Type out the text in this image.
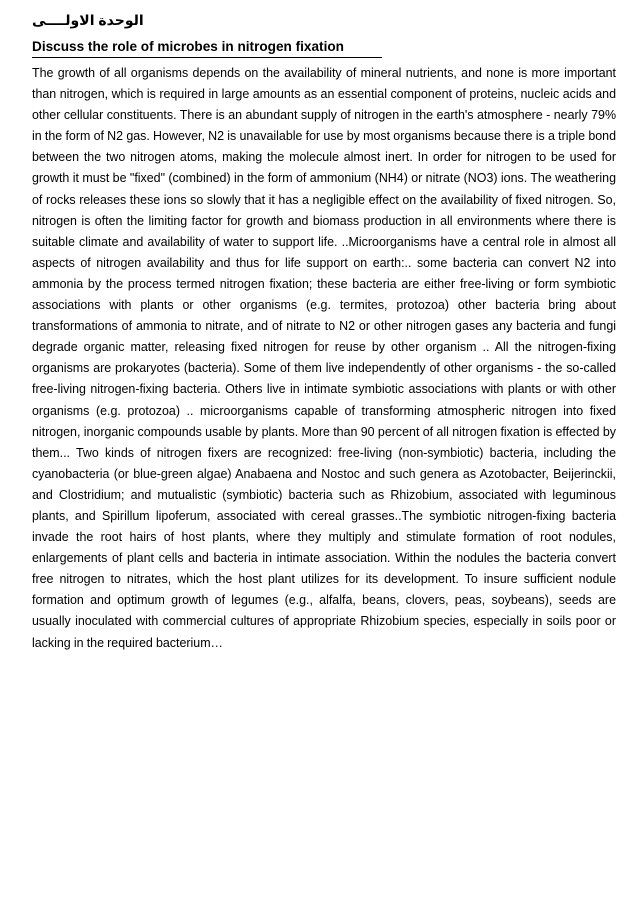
الوحدة الاولــــى

Discuss the role of microbes in nitrogen fixation

The growth of all organisms depends on the availability of mineral nutrients, and none is more important than nitrogen, which is required in large amounts as an essential component of proteins, nucleic acids and other cellular constituents. There is an abundant supply of nitrogen in the earth's atmosphere - nearly 79% in the form of N2 gas. However, N2 is unavailable for use by most organisms because there is a triple bond between the two nitrogen atoms, making the molecule almost inert. In order for nitrogen to be used for growth it must be "fixed" (combined) in the form of ammonium (NH4) or nitrate (NO3) ions. The weathering of rocks releases these ions so slowly that it has a negligible effect on the availability of fixed nitrogen. So, nitrogen is often the limiting factor for growth and biomass production in all environments where there is suitable climate and availability of water to support life. ..Microorganisms have a central role in almost all aspects of nitrogen availability and thus for life support on earth:.. some bacteria can convert N2 into ammonia by the process termed nitrogen fixation; these bacteria are either free-living or form symbiotic associations with plants or other organisms (e.g. termites, protozoa) other bacteria bring about transformations of ammonia to nitrate, and of nitrate to N2 or other nitrogen gases any bacteria and fungi degrade organic matter, releasing fixed nitrogen for reuse by other organism .. All the nitrogen-fixing organisms are prokaryotes (bacteria). Some of them live independently of other organisms - the so-called free-living nitrogen-fixing bacteria. Others live in intimate symbiotic associations with plants or with other organisms (e.g. protozoa) .. microorganisms capable of transforming atmospheric nitrogen into fixed nitrogen, inorganic compounds usable by plants. More than 90 percent of all nitrogen fixation is effected by them... Two kinds of nitrogen fixers are recognized: free-living (non-symbiotic) bacteria, including the cyanobacteria (or blue-green algae) Anabaena and Nostoc and such genera as Azotobacter, Beijerinckii, and Clostridium; and mutualistic (symbiotic) bacteria such as Rhizobium, associated with leguminous plants, and Spirillum lipoferum, associated with cereal grasses..The symbiotic nitrogen-fixing bacteria invade the root hairs of host plants, where they multiply and stimulate formation of root nodules, enlargements of plant cells and bacteria in intimate association. Within the nodules the bacteria convert free nitrogen to nitrates, which the host plant utilizes for its development. To insure sufficient nodule formation and optimum growth of legumes (e.g., alfalfa, beans, clovers, peas, soybeans), seeds are usually inoculated with commercial cultures of appropriate Rhizobium species, especially in soils poor or lacking in the required bacterium…
